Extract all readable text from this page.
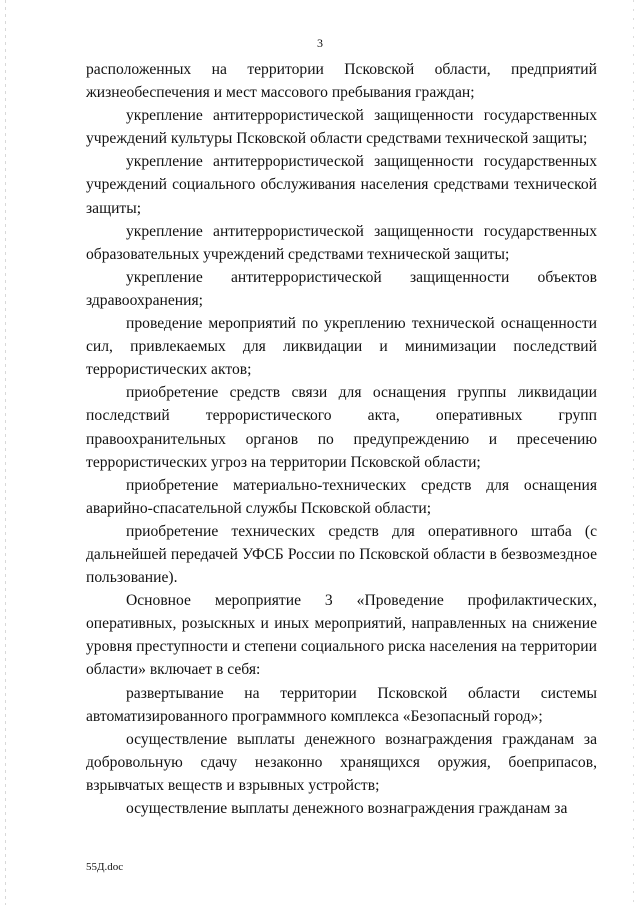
3

расположенных на территории Псковской области, предприятий жизнеобеспечения и мест массового пребывания граждан;

укрепление антитеррористической защищенности государственных учреждений культуры Псковской области средствами технической защиты;

укрепление антитеррористической защищенности государственных учреждений социального обслуживания населения средствами технической защиты;

укрепление антитеррористической защищенности государственных образовательных учреждений средствами технической защиты;

укрепление антитеррористической защищенности объектов здравоохранения;

проведение мероприятий по укреплению технической оснащенности сил, привлекаемых для ликвидации и минимизации последствий террористических актов;

приобретение средств связи для оснащения группы ликвидации последствий террористического акта, оперативных групп правоохранительных органов по предупреждению и пресечению террористических угроз на территории Псковской области;

приобретение материально-технических средств для оснащения аварийно-спасательной службы Псковской области;

приобретение технических средств для оперативного штаба (с дальнейшей передачей УФСБ России по Псковской области в безвозмездное пользование).

Основное мероприятие 3 «Проведение профилактических, оперативных, розыскных и иных мероприятий, направленных на снижение уровня преступности и степени социального риска населения на территории области» включает в себя:

развертывание на территории Псковской области системы автоматизированного программного комплекса «Безопасный город»;

осуществление выплаты денежного вознаграждения гражданам за добровольную сдачу незаконно хранящихся оружия, боеприпасов, взрывчатых веществ и взрывных устройств;

осуществление выплаты денежного вознаграждения гражданам за

55Д.doc
